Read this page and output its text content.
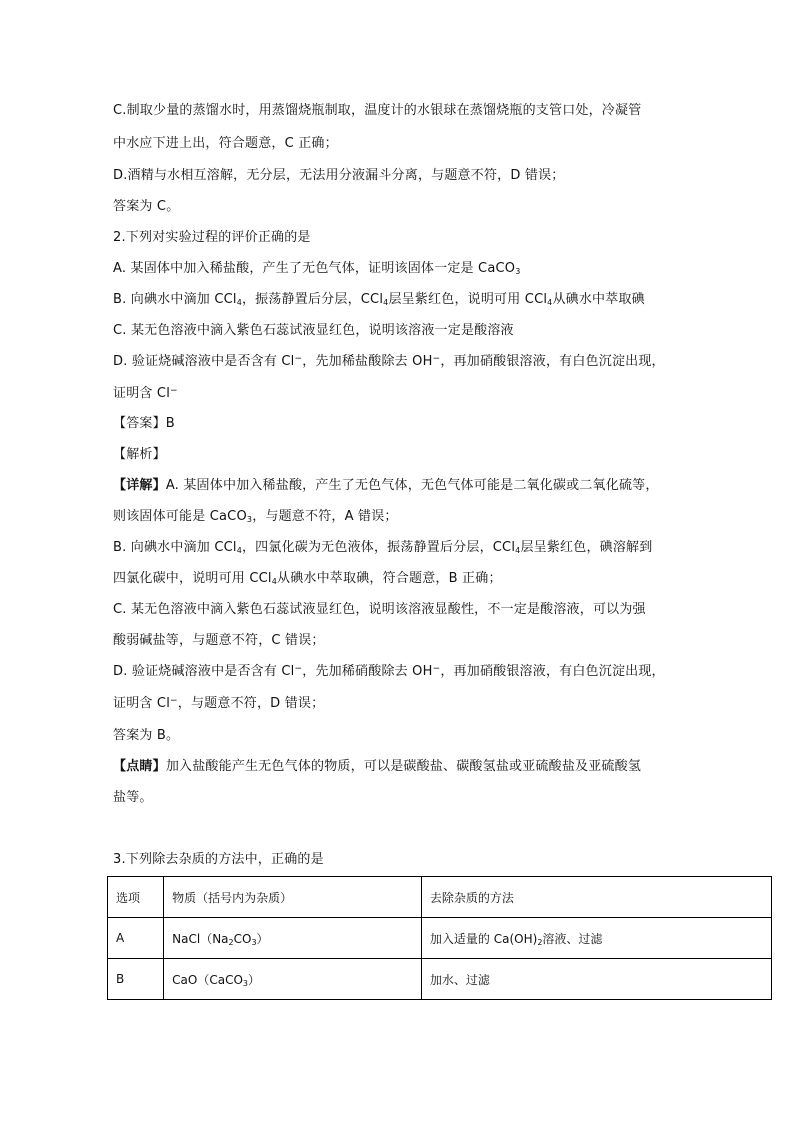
C.制取少量的蒸馏水时，用蒸馏烧瓶制取，温度计的水银球在蒸馏烧瓶的支管口处，冷凝管
中水应下进上出，符合题意，C 正确；
D.酒精与水相互溶解，无分层，无法用分液漏斗分离，与题意不符，D 错误；
答案为 C。
2.下列对实验过程的评价正确的是
A. 某固体中加入稀盐酸，产生了无色气体，证明该固体一定是 CaCO$_3$
B. 向碘水中滴加 CCl$_4$，振荡静置后分层，CCl$_4$层呈紫红色，说明可用 CCl$_4$从碘水中萃取碘
C. 某无色溶液中滴入紫色石蕊试液显红色，说明该溶液一定是酸溶液
D. 验证烧碱溶液中是否含有 Cl−，先加稀盐酸除去 OH−，再加硝酸银溶液，有白色沉淀出现，
证明含 Cl−
【答案】B
【解析】
【详解】A. 某固体中加入稀盐酸，产生了无色气体，无色气体可能是二氧化碳或二氧化硫等，
则该固体可能是 CaCO$_3$，与题意不符，A 错误；
B. 向碘水中滴加 CCl$_4$，四氯化碳为无色液体，振荡静置后分层，CCl$_4$层呈紫红色，碘溶解到
四氯化碳中，说明可用 CCl$_4$从碘水中萃取碘，符合题意，B 正确；
C. 某无色溶液中滴入紫色石蕊试液显红色，说明该溶液显酸性，不一定是酸溶液，可以为强
酸弱碱盐等，与题意不符，C 错误；
D. 验证烧碱溶液中是否含有 Cl−，先加稀硝酸除去 OH−，再加硝酸银溶液，有白色沉淀出现，
证明含 Cl−，与题意不符，D 错误；
答案为 B。
【点睛】加入盐酸能产生无色气体的物质，可以是碳酸盐、碳酸氢盐或亚硫酸盐及亚硫酸氢
盐等。
3.下列除去杂质的方法中，正确的是
选项	物质（括号内为杂质）	去除杂质的方法
A	$NaCl(Na_2CO_3)$	加入适量的 $Ca(OH)_2$溶液、过滤
B	CaO（CaCO$_3$）	加水、过滤
